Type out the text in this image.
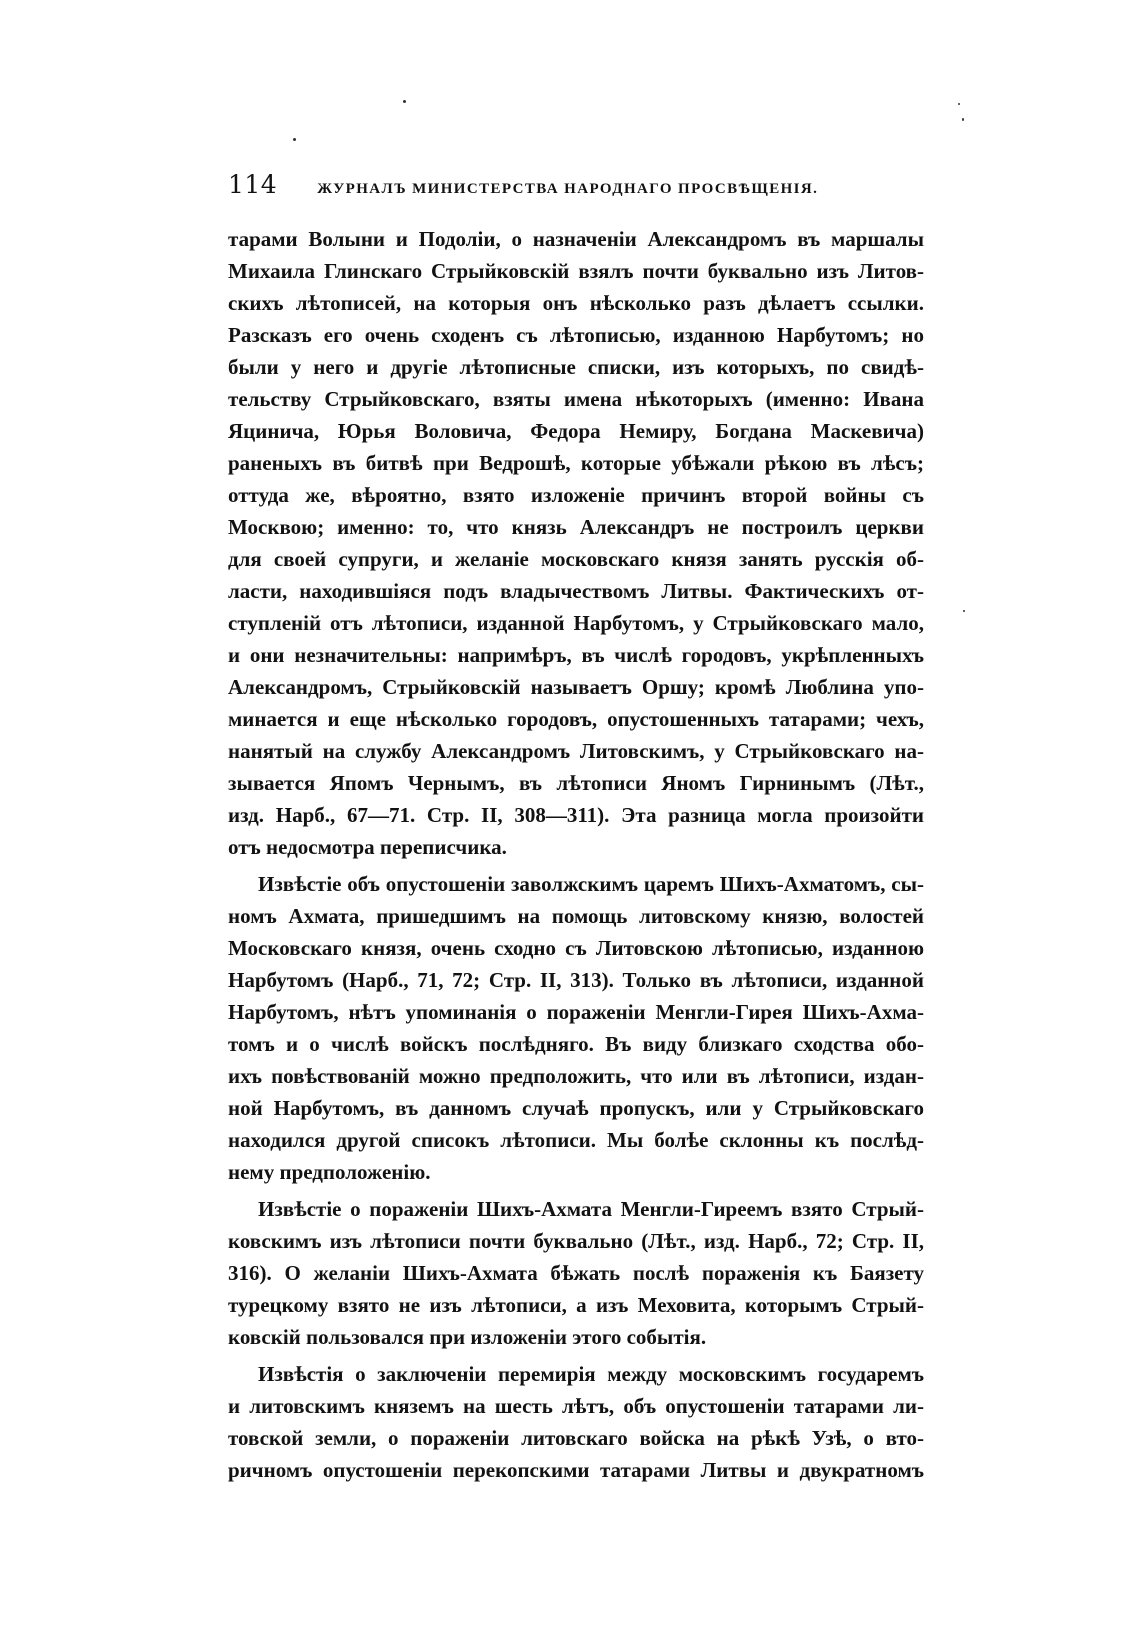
114	ЖУРНАЛЪ МИНИСТЕРСТВА НАРОДНАГО ПРОСВѢЩЕНІЯ.
тарами Волыни и Подоліи, о назначеніи Александромъ въ маршалы
Михаила Глинскаго Стрыйковскій взялъ почти буквально изъ Литов-
скихъ лѣтописей, на которыя онъ нѣсколько разъ дѣлаетъ ссылки.
Разсказъ его очень сходенъ съ лѣтописью, изданною Нарбутомъ; но
были у него и другіе лѣтописные списки, изъ которыхъ, по свидѣ-
тельству Стрыйковскаго, взяты имена нѣкоторыхъ (именно: Ивана
Яцинича, Юрья Воловича, Федора Немиру, Богдана Маскевича)
раненыхъ въ битвѣ при Ведрошѣ, которые убѣжали рѣкою въ лѣсъ;
оттуда же, вѣроятно, взято изложеніе причинъ второй войны съ
Москвою; именно: то, что князь Александръ не построилъ церкви
для своей супруги, и желаніе московскаго князя занять русскія об-
ласти, находившіяся подъ владычествомъ Литвы. Фактическихъ от-
ступленій отъ лѣтописи, изданной Нарбутомъ, у Стрыйковскаго мало,
и они незначительны: напримѣръ, въ числѣ городовъ, укрѣпленныхъ
Александромъ, Стрыйковскій называетъ Оршу; кромѣ Люблина упо-
минается и еще нѣсколько городовъ, опустошенныхъ татарами; чехъ,
нанятый на службу Александромъ Литовскимъ, у Стрыйковскаго на-
зывается Япомъ Чернымъ, въ лѣтописи Яномъ Гирнинымъ (Лѣт.,
изд. Нарб., 67—71. Стр. II, 308—311). Эта разница могла произойти
отъ недосмотра переписчика.
Извѣстіе объ опустошеніи заволжскимъ царемъ Шихъ-Ахматомъ, сы-
номъ Ахмата, пришедшимъ на помощь литовскому князю, волостей
Московскаго князя, очень сходно съ Литовскою лѣтописью, изданною
Нарбутомъ (Нарб., 71, 72; Стр. II, 313). Только въ лѣтописи, изданной
Нарбутомъ, нѣтъ упоминанія о пораженіи Менгли-Гирея Шихъ-Ахма-
томъ и о числѣ войскъ послѣдняго. Въ виду близкаго сходства обо-
ихъ повѣствованій можно предположить, что или въ лѣтописи, издан-
ной Нарбутомъ, въ данномъ случаѣ пропускъ, или у Стрыйковскаго
находился другой списокъ лѣтописи. Мы болѣе склонны къ послѣд-
нему предположенію.
Извѣстіе о пораженіи Шихъ-Ахмата Менгли-Гиреемъ взято Стрый-
ковскимъ изъ лѣтописи почти буквально (Лѣт., изд. Нарб., 72; Стр. II,
316). О желаніи Шихъ-Ахмата бѣжать послѣ пораженія къ Баязету
турецкому взято не изъ лѣтописи, а изъ Меховита, которымъ Стрый-
ковскій пользовался при изложеніи этого событія.
Извѣстія о заключеніи перемирія между московскимъ государемъ
и литовскимъ княземъ на шесть лѣтъ, объ опустошеніи татарами ли-
товской земли, о пораженіи литовскаго войска на рѣкѣ Узѣ, о вто-
ричномъ опустошеніи перекопскими татарами Литвы и двукратномъ
